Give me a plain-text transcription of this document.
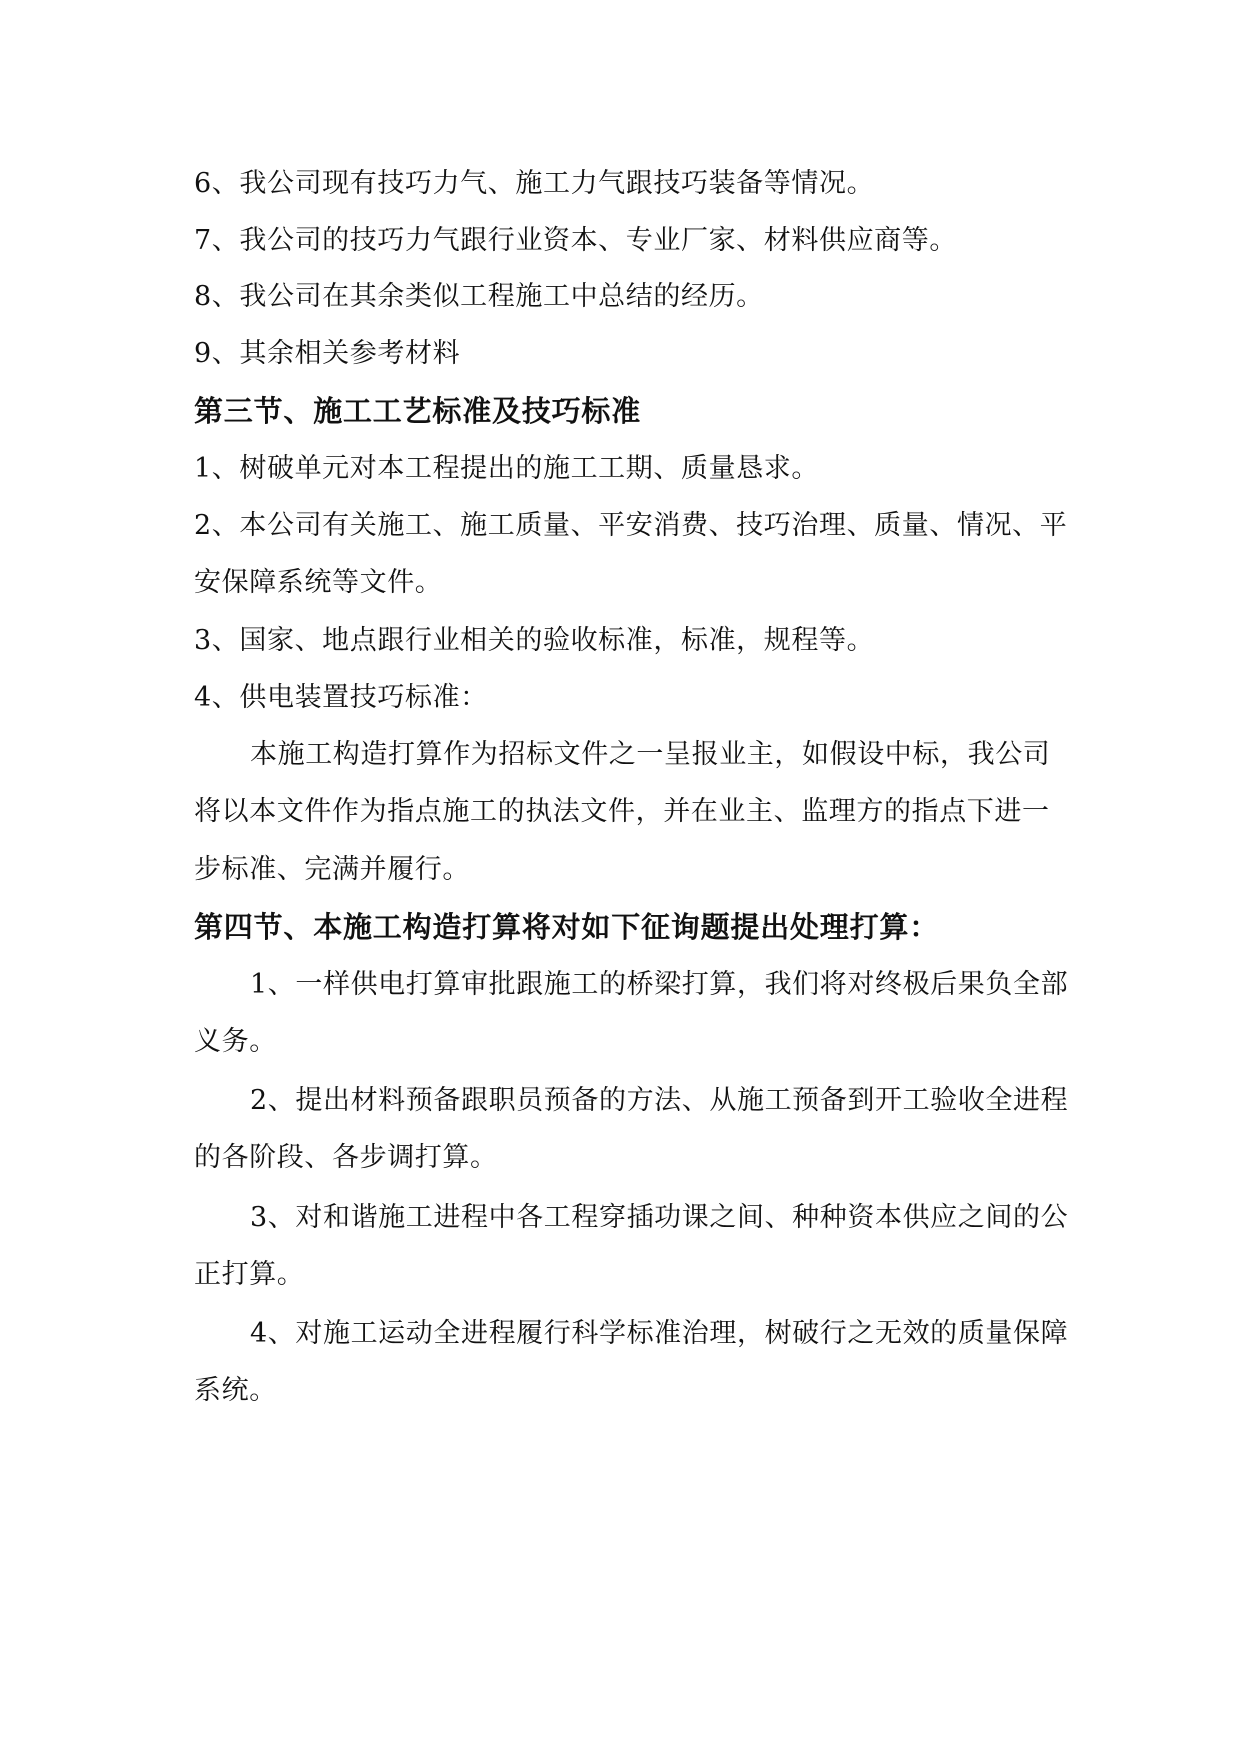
6、我公司现有技巧力气、施工力气跟技巧装备等情况。
7、我公司的技巧力气跟行业资本、专业厂家、材料供应商等。
8、我公司在其余类似工程施工中总结的经历。
9、其余相关参考材料
第三节、施工工艺标准及技巧标准
1、树破单元对本工程提出的施工工期、质量恳求。
2、本公司有关施工、施工质量、平安消费、技巧治理、质量、情况、平
安保障系统等文件。
3、国家、地点跟行业相关的验收标准，标准，规程等。
4、供电装置技巧标准：
本施工构造打算作为招标文件之一呈报业主，如假设中标，我公司
将以本文件作为指点施工的执法文件，并在业主、监理方的指点下进一
步标准、完满并履行。
第四节、本施工构造打算将对如下征询题提出处理打算：
1、一样供电打算审批跟施工的桥梁打算，我们将对终极后果负全部
义务。
2、提出材料预备跟职员预备的方法、从施工预备到开工验收全进程
的各阶段、各步调打算。
3、对和谐施工进程中各工程穿插功课之间、种种资本供应之间的公
正打算。
4、对施工运动全进程履行科学标准治理，树破行之无效的质量保障
系统。
